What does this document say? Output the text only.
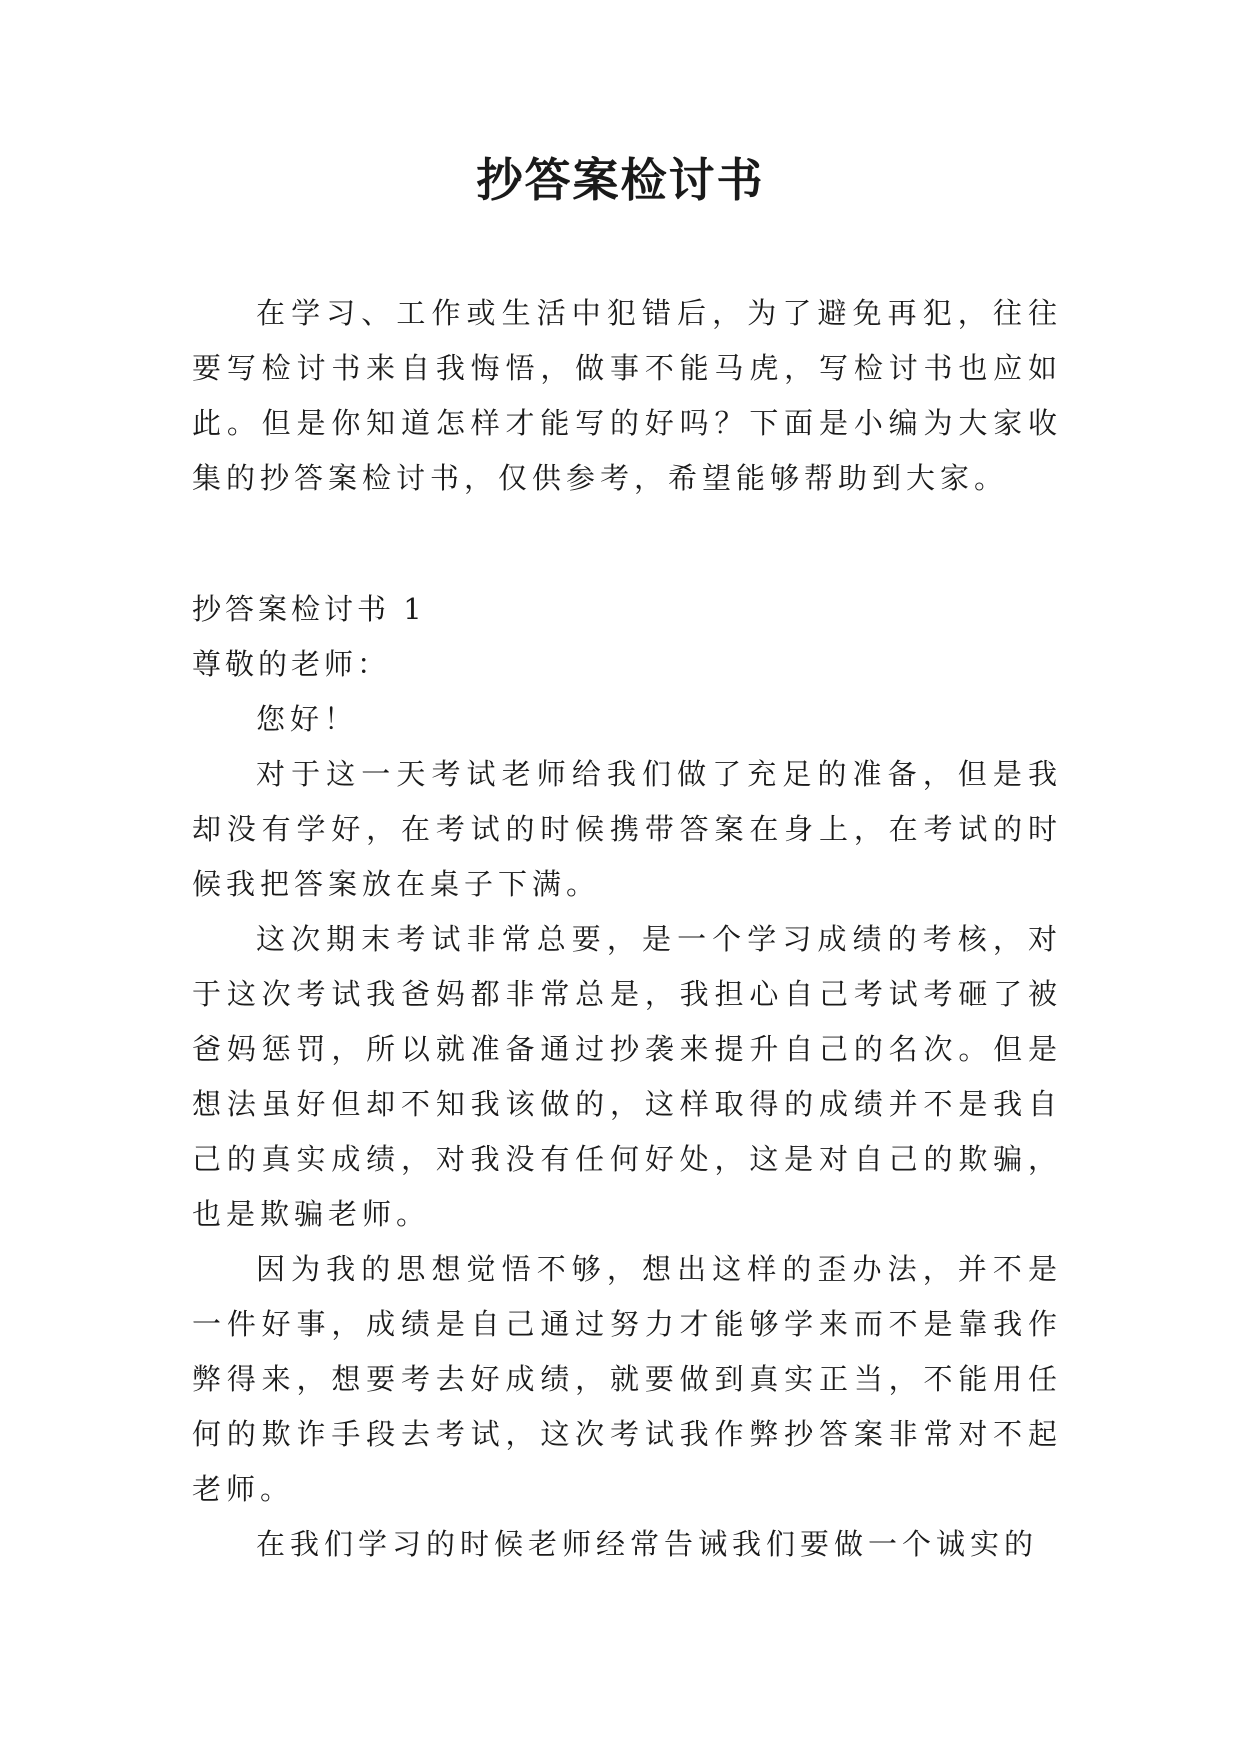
抄答案检讨书

在学习、工作或生活中犯错后，为了避免再犯，往往要写检讨书来自我悔悟，做事不能马虎，写检讨书也应如此。但是你知道怎样才能写的好吗？下面是小编为大家收集的抄答案检讨书，仅供参考，希望能够帮助到大家。

抄答案检讨书 1

尊敬的老师：

您好！

对于这一天考试老师给我们做了充足的准备，但是我却没有学好，在考试的时候携带答案在身上，在考试的时候我把答案放在桌子下满。

这次期末考试非常总要，是一个学习成绩的考核，对于这次考试我爸妈都非常总是，我担心自己考试考砸了被爸妈惩罚，所以就准备通过抄袭来提升自己的名次。但是想法虽好但却不知我该做的，这样取得的成绩并不是我自己的真实成绩，对我没有任何好处，这是对自己的欺骗，也是欺骗老师。

因为我的思想觉悟不够，想出这样的歪办法，并不是一件好事，成绩是自己通过努力才能够学来而不是靠我作弊得来，想要考去好成绩，就要做到真实正当，不能用任何的欺诈手段去考试，这次考试我作弊抄答案非常对不起老师。

在我们学习的时候老师经常告诫我们要做一个诚实的
